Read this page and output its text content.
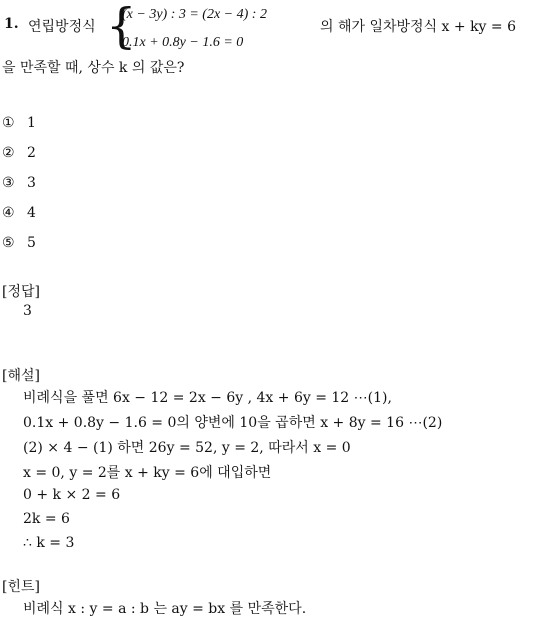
1. 연립방정식 {
(x − 3y) : 3 = (2x − 4) : 2
0.1x + 0.8y − 1.6 = 0
의 해가 일차방정식 x + ky = 6
을 만족할 때, 상수 k 의 값은?
① 1
② 2
③ 3
④ 4
⑤ 5
[정답]
3
[해설]
비례식을 풀면 6x − 12 = 2x − 6y , 4x + 6y = 12 ⋯(1),
0.1x + 0.8y − 1.6 = 0의 양변에 10을 곱하면 x + 8y = 16 ⋯(2)
(2) × 4 − (1) 하면 26y = 52, y = 2, 따라서 x = 0
x = 0, y = 2를 x + ky = 6에 대입하면
0 + k × 2 = 6
2k = 6
∴ k = 3
[힌트]
비례식 x : y = a : b 는 ay = bx 를 만족한다.
